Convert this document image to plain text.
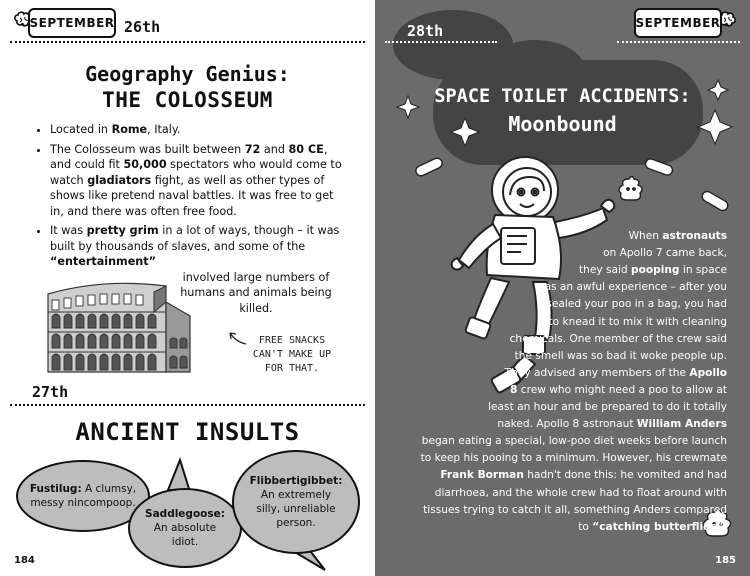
SEPTEMBER 26th
Geography Genius:
THE COLOSSEUM
• Located in Rome, Italy.
• The Colosseum was built between 72 and 80 CE, and could fit 50,000 spectators who would come to watch gladiators fight, as well as other types of shows like pretend naval battles. It was free to get in, and there was often free food.
• It was pretty grim in a lot of ways, though – it was built by thousands of slaves, and some of the “entertainment”
involved large numbers of humans and animals being killed.
FREE SNACKS
CAN'T MAKE UP
FOR THAT.
27th
ANCIENT INSULTS
Fustilug: A clumsy,
messy nincompoop.
Saddlegoose:
An absolute
idiot.
Flibbertigibbet:
An extremely
silly, unreliable
person.
184
SEPTEMBER
28th
SPACE TOILET ACCIDENTS:
Moonbound
When astronauts
on Apollo 7 came back,
they said pooping in space
was an awful experience – after you
sealed your poo in a bag, you had
to knead it to mix it with cleaning
chemicals. One member of the crew said
the smell was so bad it woke people up.
They advised any members of the Apollo
8 crew who might need a poo to allow at
least an hour and be prepared to do it totally
naked. Apollo 8 astronaut William Anders
began eating a special, low-poo diet weeks before launch
to keep his pooing to a minimum. However, his crewmate
Frank Borman hadn't done this: he vomited and had
diarrhoea, and the whole crew had to float around with
tissues trying to catch it all, something Anders compared
to “catching butterflies”.
185
